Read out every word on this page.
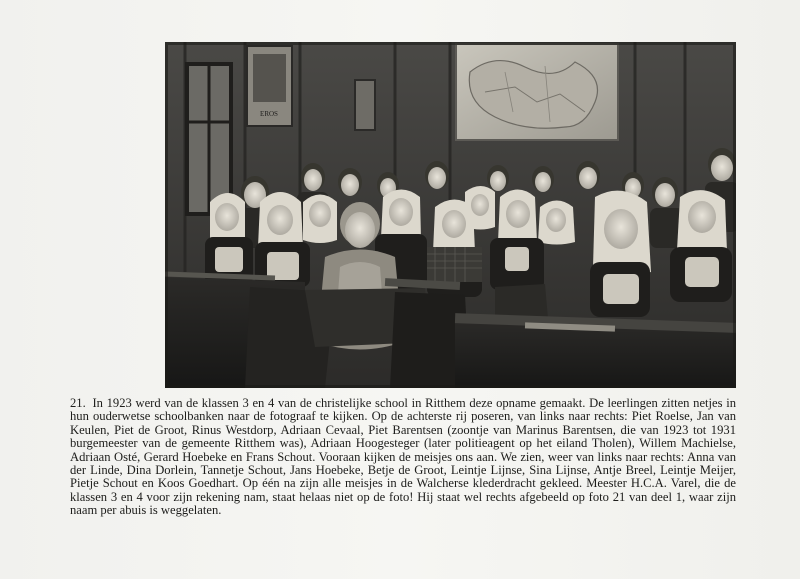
EROS

21. In 1923 werd van de klassen 3 en 4 van de christelijke school in Ritthem deze opname gemaakt. De leerlingen zitten netjes in hun ouderwetse schoolbanken naar de fotograaf te kijken. Op de achterste rij poseren, van links naar rechts: Piet Roelse, Jan van Keulen, Piet de Groot, Rinus Westdorp, Adriaan Cevaal, Piet Barentsen (zoontje van Marinus Barentsen, die van 1923 tot 1931 burgemeester van de gemeente Ritthem was), Adriaan Hoogesteger (later politieagent op het eiland Tholen), Willem Machielse, Adriaan Osté, Gerard Hoebeke en Frans Schout. Vooraan kijken de meisjes ons aan. We zien, weer van links naar rechts: Anna van der Linde, Dina Dorlein, Tannetje Schout, Jans Hoebeke, Betje de Groot, Leintje Lijnse, Sina Lijnse, Antje Breel, Leintje Meijer, Pietje Schout en Koos Goedhart. Op één na zijn alle meisjes in de Walcherse klederdracht gekleed. Meester H.C.A. Varel, die de klassen 3 en 4 voor zijn rekening nam, staat helaas niet op de foto! Hij staat wel rechts afgebeeld op foto 21 van deel 1, waar zijn naam per abuis is weggelaten.
